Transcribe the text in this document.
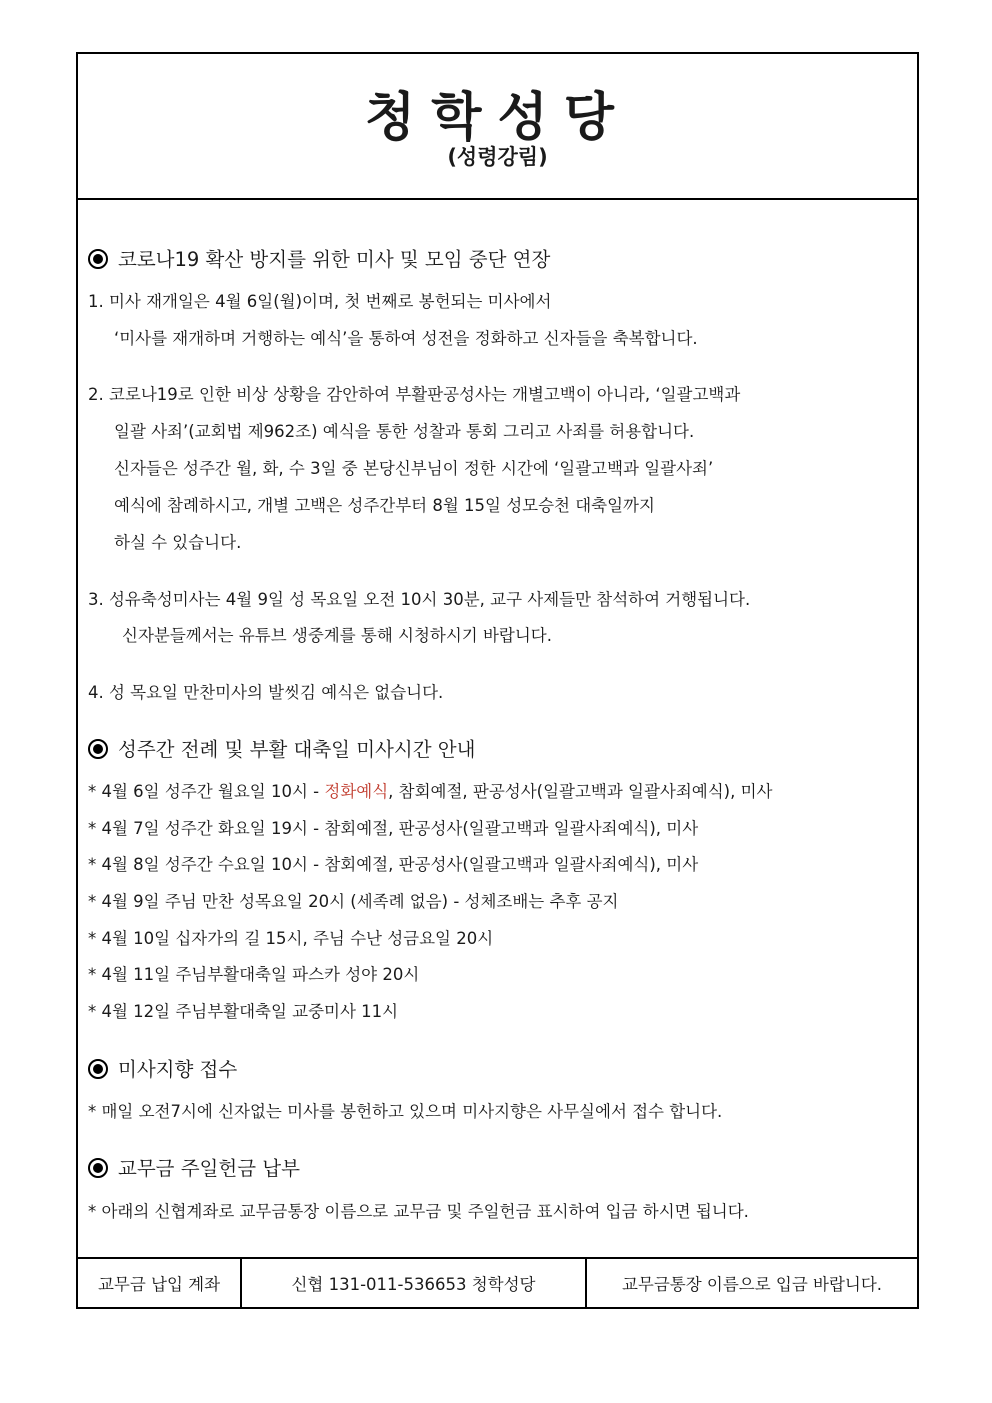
청학성당
(성령강림)
코로나19 확산 방지를 위한 미사 및 모임 중단 연장
1. 미사 재개일은 4월 6일(월)이며, 첫 번째로 봉헌되는 미사에서
‘미사를 재개하며 거행하는 예식’을 통하여 성전을 정화하고 신자들을 축복합니다.
2. 코로나19로 인한 비상 상황을 감안하여 부활판공성사는 개별고백이 아니라, ‘일괄고백과
일괄 사죄’(교회법 제962조) 예식을 통한 성찰과 통회 그리고 사죄를 허용합니다.
신자들은 성주간 월, 화, 수 3일 중 본당신부님이 정한 시간에 ‘일괄고백과 일괄사죄’
예식에 참례하시고, 개별 고백은 성주간부터 8월 15일 성모승천 대축일까지
하실 수 있습니다.
3. 성유축성미사는 4월 9일 성 목요일 오전 10시 30분, 교구 사제들만 참석하여 거행됩니다.
신자분들께서는 유튜브 생중계를 통해 시청하시기 바랍니다.
4. 성 목요일 만찬미사의 발씻김 예식은 없습니다.
성주간 전례 및 부활 대축일 미사시간 안내
* 4월 6일 성주간 월요일 10시 - 정화예식, 참회예절, 판공성사(일괄고백과 일괄사죄예식), 미사
* 4월 7일 성주간 화요일 19시 - 참회예절, 판공성사(일괄고백과 일괄사죄예식), 미사
* 4월 8일 성주간 수요일 10시 - 참회예절, 판공성사(일괄고백과 일괄사죄예식), 미사
* 4월 9일 주님 만찬 성목요일 20시 (세족례 없음) - 성체조배는 추후 공지
* 4월 10일 십자가의 길 15시, 주님 수난 성금요일 20시
* 4월 11일 주님부활대축일 파스카 성야 20시
* 4월 12일 주님부활대축일 교중미사 11시
미사지향 접수
* 매일 오전7시에 신자없는 미사를 봉헌하고 있으며 미사지향은 사무실에서 접수 합니다.
교무금 주일헌금 납부
* 아래의 신협계좌로 교무금통장 이름으로 교무금 및 주일헌금 표시하여 입금 하시면 됩니다.
교무금 납입 계좌	신협 131-011-536653 청학성당	교무금통장 이름으로 입금 바랍니다.
